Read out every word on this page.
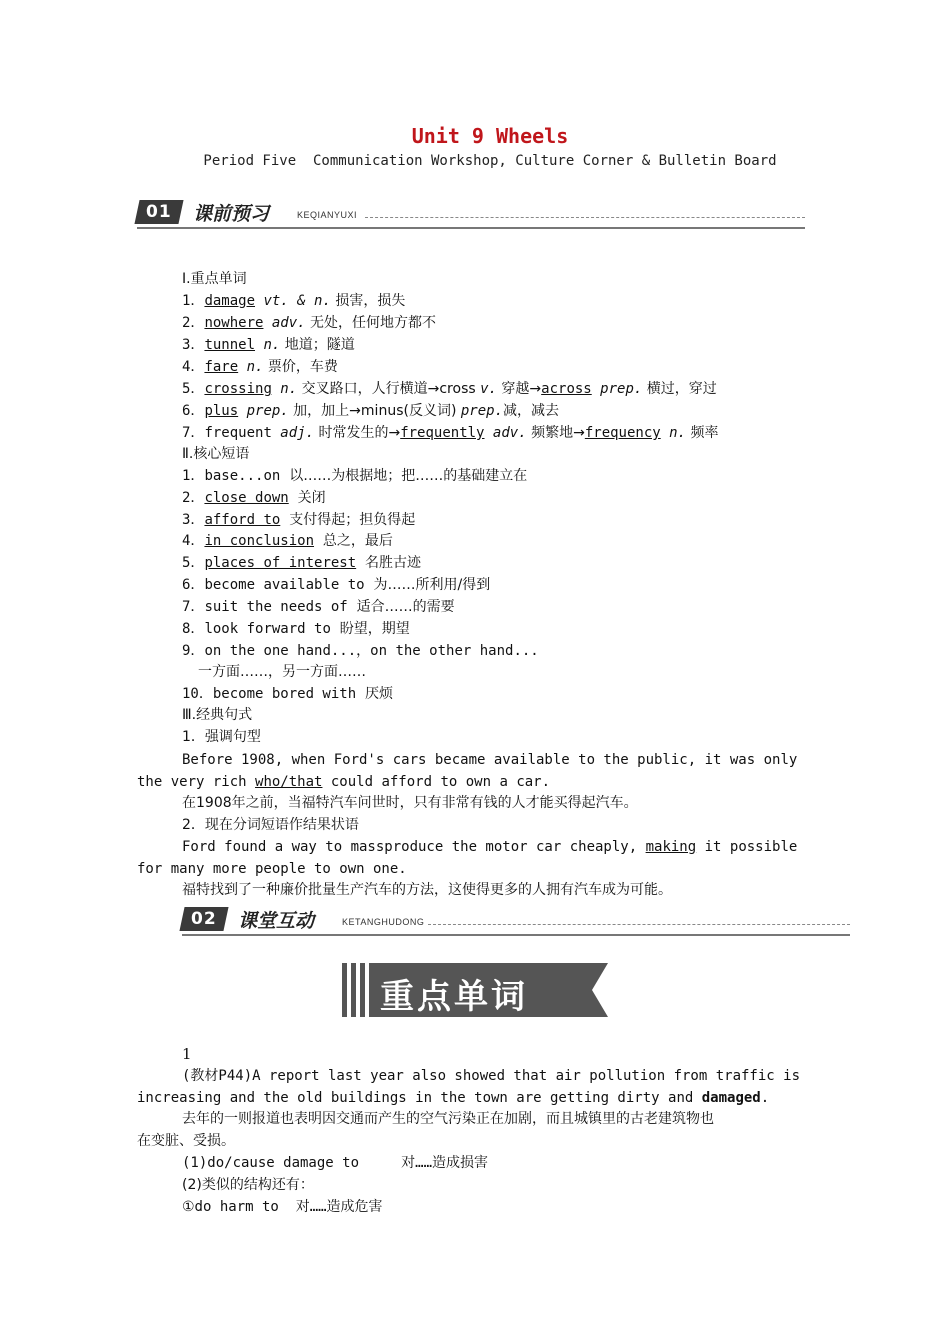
Unit 9 Wheels
Period Five  Communication Workshop, Culture Corner & Bulletin Board
01	课前预习	KEQIANYUXI
Ⅰ.重点单词
1．damage vt. & n. 损害，损失
2．nowhere adv. 无处，任何地方都不
3．tunnel n. 地道；隧道
4．fare n. 票价，车费
5．crossing n. 交叉路口，人行横道→cross v. 穿越→across prep. 横过，穿过
6．plus prep. 加，加上→minus(反义词) prep.减，减去
7．frequent adj. 时常发生的→frequently adv. 频繁地→frequency n. 频率
Ⅱ.核心短语
1．base...on  以……为根据地；把……的基础建立在
2．close down  关闭
3．afford to  支付得起；担负得起
4．in conclusion  总之，最后
5．places of interest  名胜古迹
6．become available to  为……所利用/得到
7．suit the needs of  适合……的需要
8．look forward to  盼望，期望
9．on the one hand...，on the other hand...
一方面……，另一方面……
10．become bored with  厌烦
Ⅲ.经典句式
1．强调句型
Before 1908, when Ford's cars became available to the public, it was only
the very rich who/that could afford to own a car.
在1908年之前，当福特汽车问世时，只有非常有钱的人才能买得起汽车。
2．现在分词短语作结果状语
Ford found a way to massproduce the motor car cheaply, making it possible
for many more people to own one.
福特找到了一种廉价批量生产汽车的方法，这使得更多的人拥有汽车成为可能。
02	课堂互动	KETANGHUDONG
重点单词
1
(教材P44)A report last year also showed that air pollution from traffic is
increasing and the old buildings in the town are getting dirty and damaged.
去年的一则报道也表明因交通而产生的空气污染正在加剧，而且城镇里的古老建筑物也
在变脏、受损。
(1)do/cause damage to     对……造成损害
(2)类似的结构还有：
①do harm to  对……造成危害
